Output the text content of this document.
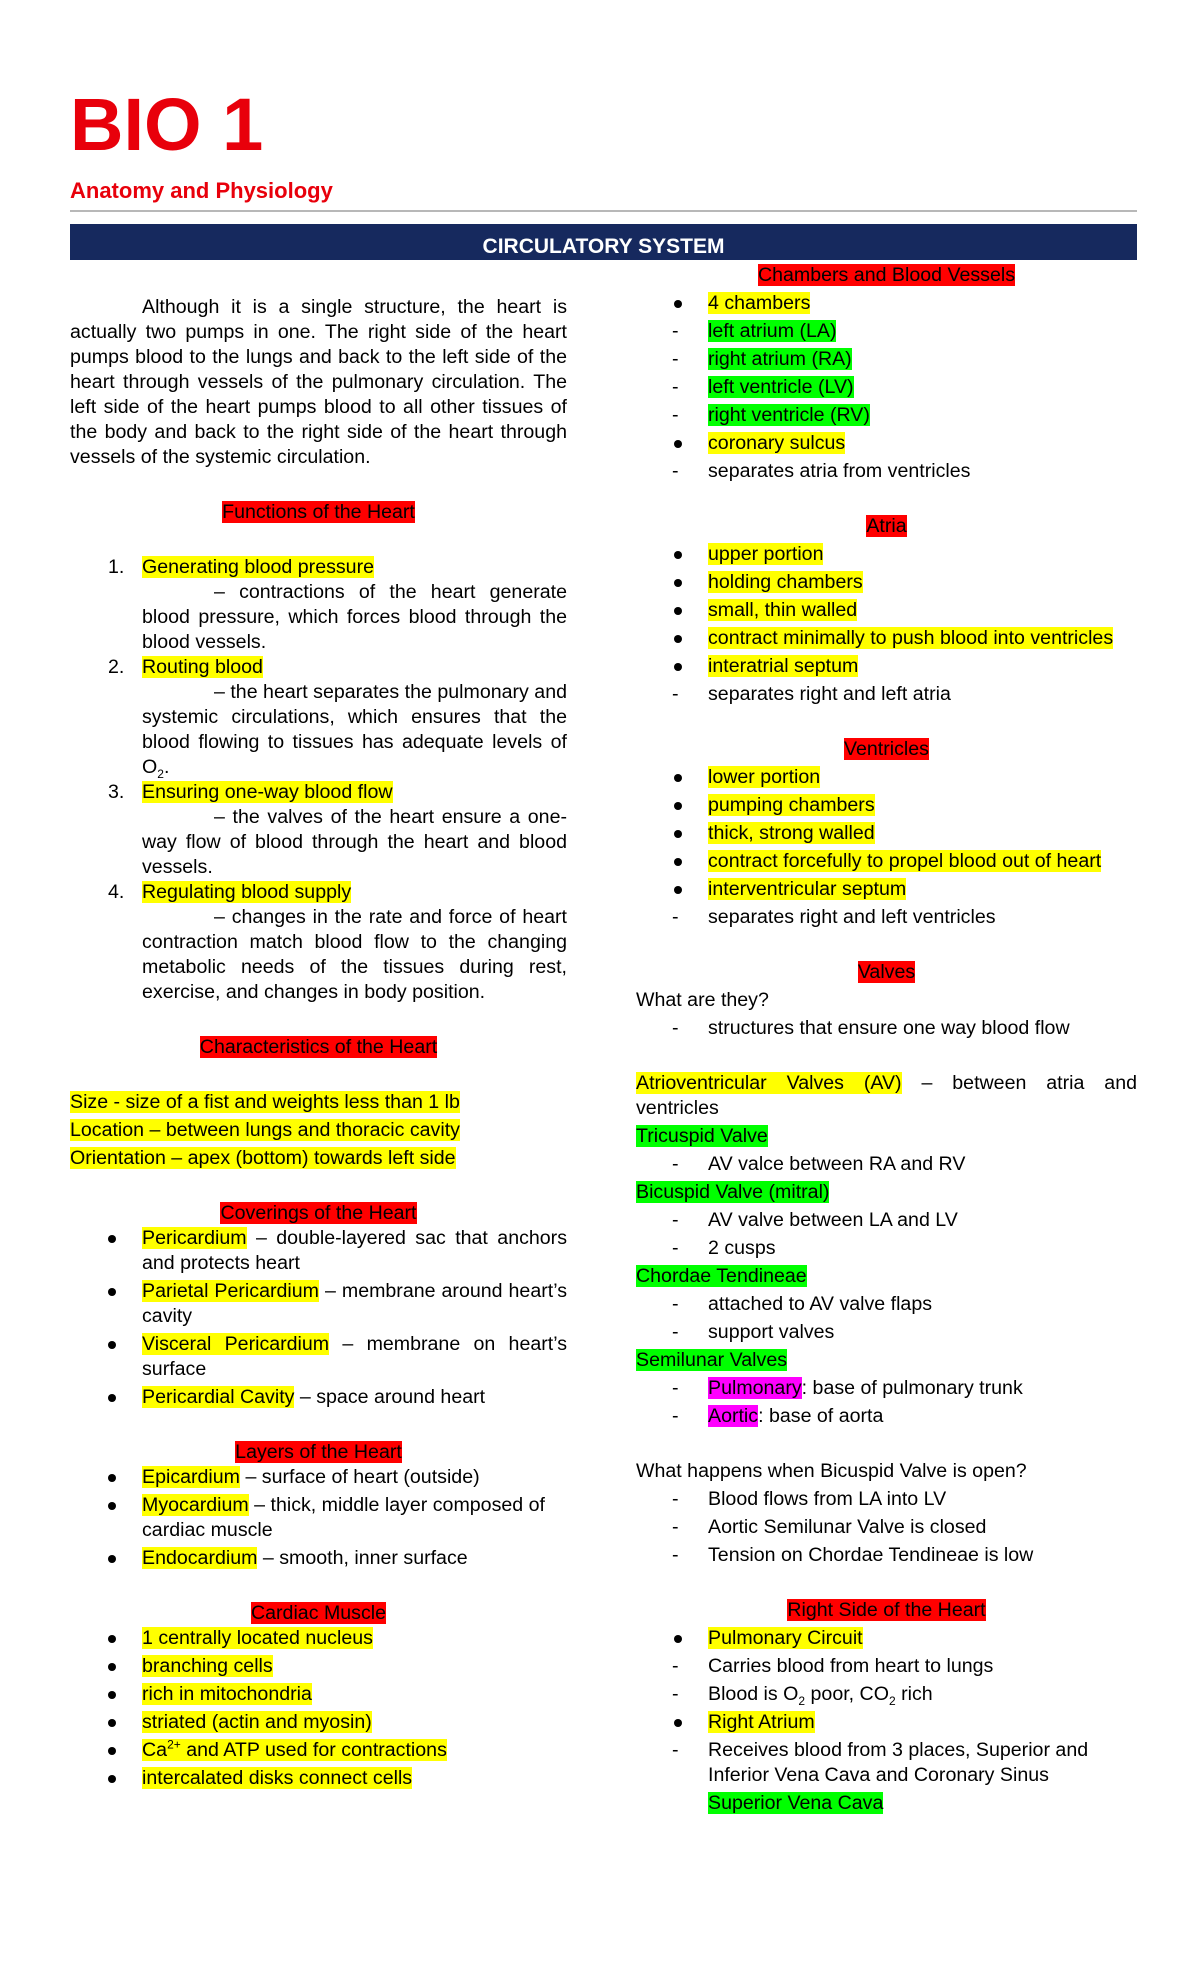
BIO 1
Anatomy and Physiology
CIRCULATORY SYSTEM

Although it is a single structure, the heart is actually two pumps in one. The right side of the heart pumps blood to the lungs and back to the left side of the heart through vessels of the pulmonary circulation. The left side of the heart pumps blood to all other tissues of the body and back to the right side of the heart through vessels of the systemic circulation.

Functions of the Heart

1. Generating blood pressure
– contractions of the heart generate blood pressure, which forces blood through the blood vessels.
2. Routing blood
– the heart separates the pulmonary and systemic circulations, which ensures that the blood flowing to tissues has adequate levels of $O_2$.
3. Ensuring one-way blood flow
– the valves of the heart ensure a one-way flow of blood through the heart and blood vessels.
4. Regulating blood supply
– changes in the rate and force of heart contraction match blood flow to the changing metabolic needs of the tissues during rest, exercise, and changes in body position.

Characteristics of the Heart

Size - size of a fist and weights less than 1 lb
Location – between lungs and thoracic cavity
Orientation – apex (bottom) towards left side

Coverings of the Heart

Pericardium – double-layered sac that anchors and protects heart
Parietal Pericardium – membrane around heart’s cavity
Visceral Pericardium – membrane on heart’s surface
Pericardial Cavity – space around heart

Layers of the Heart

Epicardium – surface of heart (outside)
Myocardium – thick, middle layer composed of cardiac muscle
Endocardium – smooth, inner surface

Cardiac Muscle

1 centrally located nucleus
branching cells
rich in mitochondria
striated (actin and myosin)
$Ca^{2+}$ and ATP used for contractions
intercalated disks connect cells

Chambers and Blood Vessels

4 chambers
- left atrium (LA)
- right atrium (RA)
- left ventricle (LV)
- right ventricle (RV)
coronary sulcus
- separates atria from ventricles

Atria

upper portion
holding chambers
small, thin walled
contract minimally to push blood into ventricles
interatrial septum
- separates right and left atria

Ventricles

lower portion
pumping chambers
thick, strong walled
contract forcefully to propel blood out of heart
interventricular septum
- separates right and left ventricles

Valves

What are they?
- structures that ensure one way blood flow
Atrioventricular Valves (AV) – between atria and ventricles
Tricuspid Valve
- AV valce between RA and RV
Bicuspid Valve (mitral)
- AV valve between LA and LV
- 2 cusps
Chordae Tendineae
- attached to AV valve flaps
- support valves
Semilunar Valves
- Pulmonary: base of pulmonary trunk
- Aortic: base of aorta
What happens when Bicuspid Valve is open?
- Blood flows from LA into LV
- Aortic Semilunar Valve is closed
- Tension on Chordae Tendineae is low

Right Side of the Heart

Pulmonary Circuit
- Carries blood from heart to lungs
- Blood is $O_2$ poor, $CO_2$ rich
Right Atrium
- Receives blood from 3 places, Superior and Inferior Vena Cava and Coronary Sinus
Superior Vena Cava
